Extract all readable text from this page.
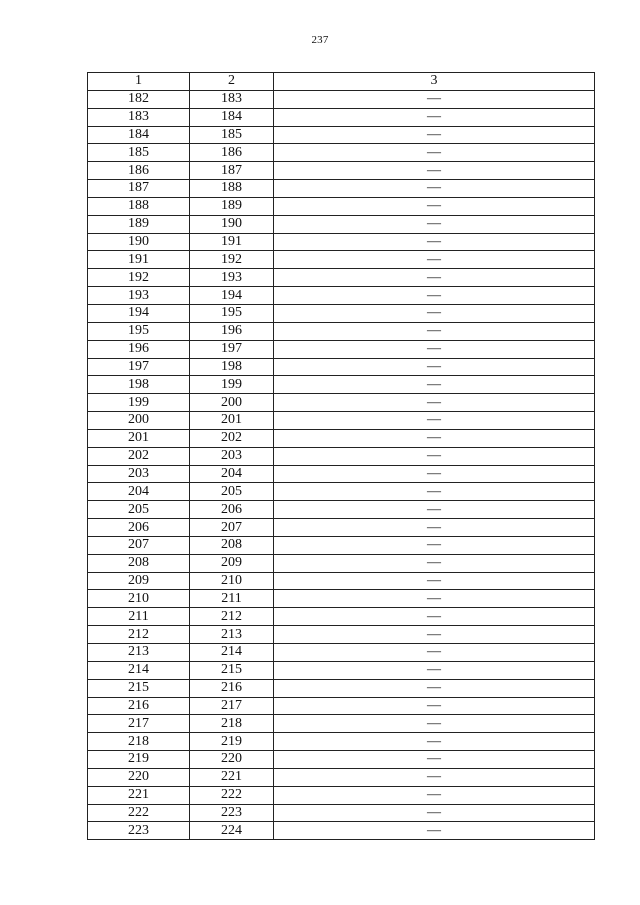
237
1	2	3
182	183	—
183	184	—
184	185	—
185	186	—
186	187	—
187	188	—
188	189	—
189	190	—
190	191	—
191	192	—
192	193	—
193	194	—
194	195	—
195	196	—
196	197	—
197	198	—
198	199	—
199	200	—
200	201	—
201	202	—
202	203	—
203	204	—
204	205	—
205	206	—
206	207	—
207	208	—
208	209	—
209	210	—
210	211	—
211	212	—
212	213	—
213	214	—
214	215	—
215	216	—
216	217	—
217	218	—
218	219	—
219	220	—
220	221	—
221	222	—
222	223	—
223	224	—
